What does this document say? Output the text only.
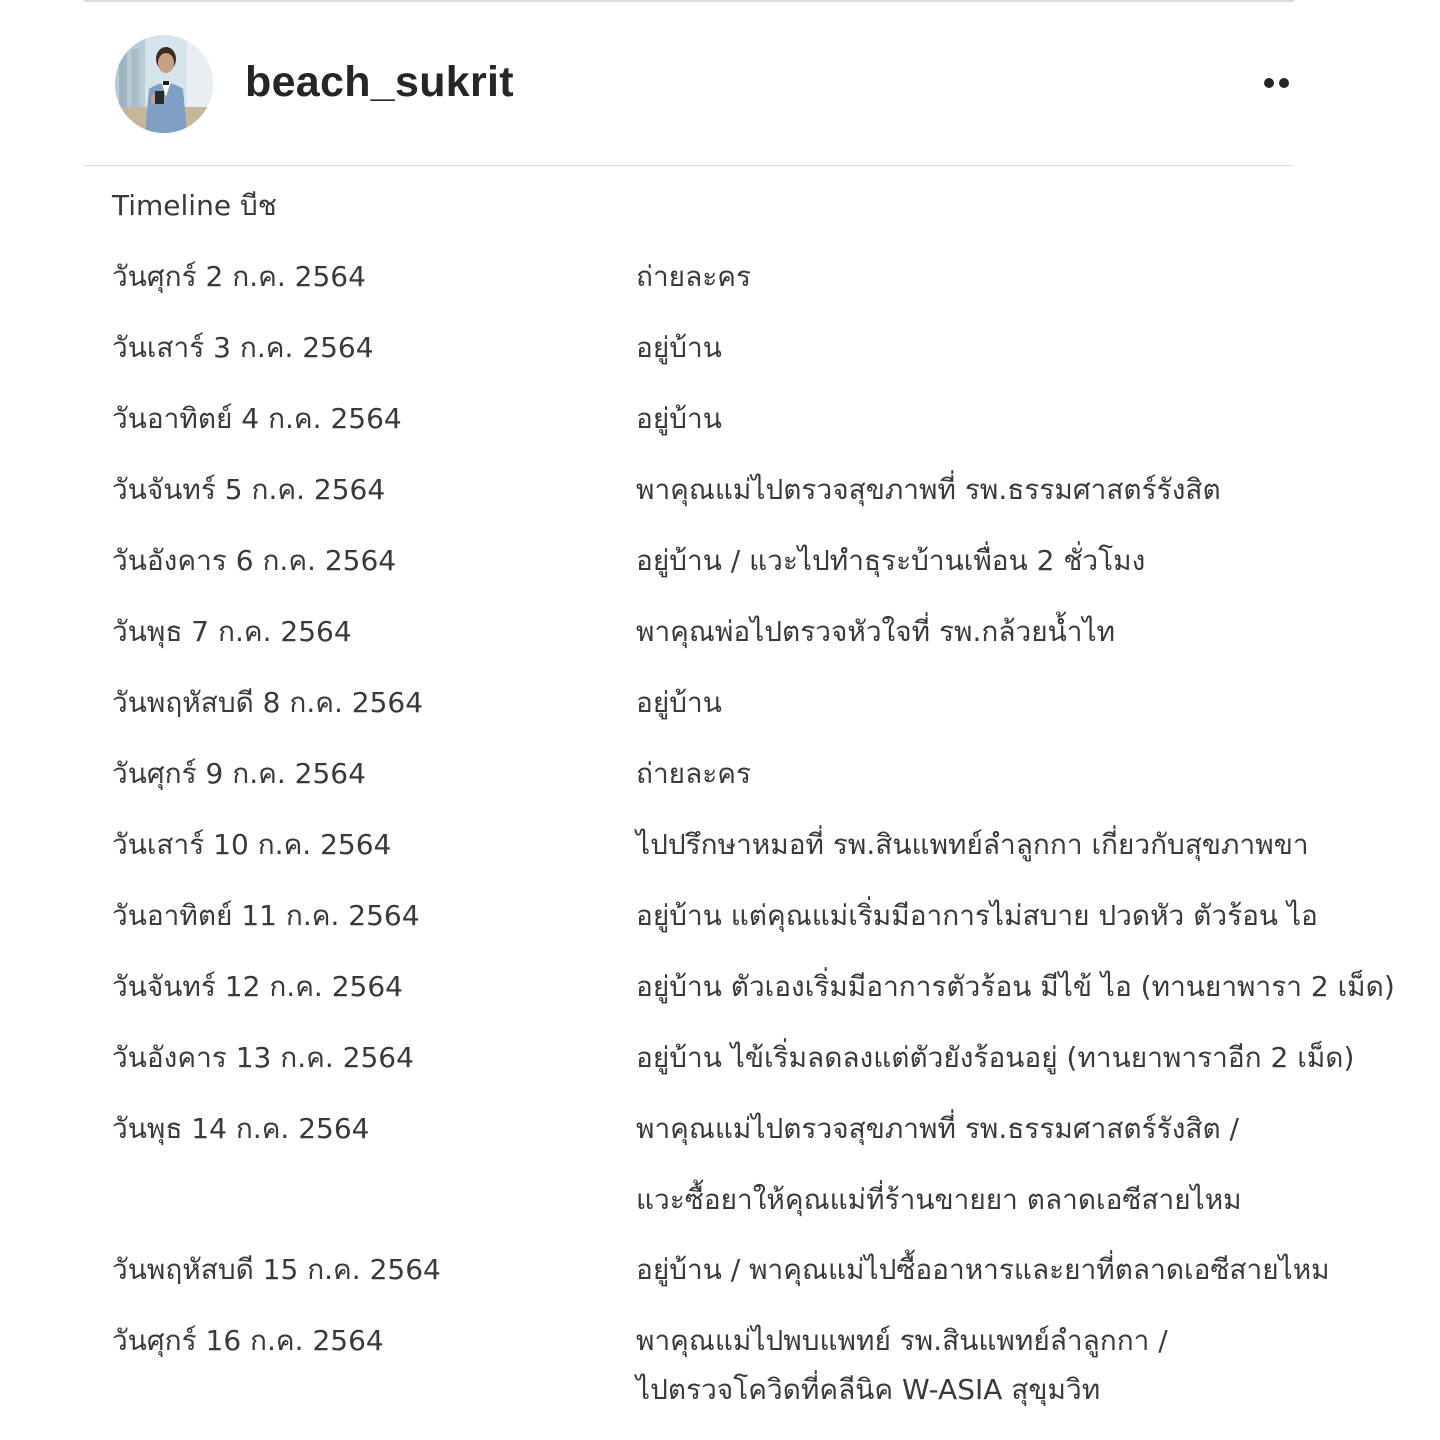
beach_sukrit
Timeline บีช
วันศุกร์ 2 ก.ค. 2564	ถ่ายละคร
วันเสาร์ 3 ก.ค. 2564	อยู่บ้าน
วันอาทิตย์ 4 ก.ค. 2564	อยู่บ้าน
วันจันทร์ 5 ก.ค. 2564	พาคุณแม่ไปตรวจสุขภาพที่ รพ.ธรรมศาสตร์รังสิต
วันอังคาร 6 ก.ค. 2564	อยู่บ้าน / แวะไปทำธุระบ้านเพื่อน 2 ชั่วโมง
วันพุธ 7 ก.ค. 2564	พาคุณพ่อไปตรวจหัวใจที่ รพ.กล้วยน้ำไท
วันพฤหัสบดี 8 ก.ค. 2564	อยู่บ้าน
วันศุกร์ 9 ก.ค. 2564	ถ่ายละคร
วันเสาร์ 10 ก.ค. 2564	ไปปรึกษาหมอที่ รพ.สินแพทย์ลำลูกกา เกี่ยวกับสุขภาพขา
วันอาทิตย์ 11 ก.ค. 2564	อยู่บ้าน แต่คุณแม่เริ่มมีอาการไม่สบาย ปวดหัว ตัวร้อน ไอ
วันจันทร์ 12 ก.ค. 2564	อยู่บ้าน ตัวเองเริ่มมีอาการตัวร้อน มีไข้ ไอ (ทานยาพารา 2 เม็ด)
วันอังคาร 13 ก.ค. 2564	อยู่บ้าน ไข้เริ่มลดลงแต่ตัวยังร้อนอยู่ (ทานยาพาราอีก 2 เม็ด)
วันพุธ 14 ก.ค. 2564	พาคุณแม่ไปตรวจสุขภาพที่ รพ.ธรรมศาสตร์รังสิต /
แวะซื้อยาให้คุณแม่ที่ร้านขายยา ตลาดเอซีสายไหม
วันพฤหัสบดี 15 ก.ค. 2564	อยู่บ้าน / พาคุณแม่ไปซื้ออาหารและยาที่ตลาดเอซีสายไหม
วันศุกร์ 16 ก.ค. 2564	พาคุณแม่ไปพบแพทย์ รพ.สินแพทย์ลำลูกกา /
ไปตรวจโควิดที่คลีนิค W-ASIA สุขุมวิท
